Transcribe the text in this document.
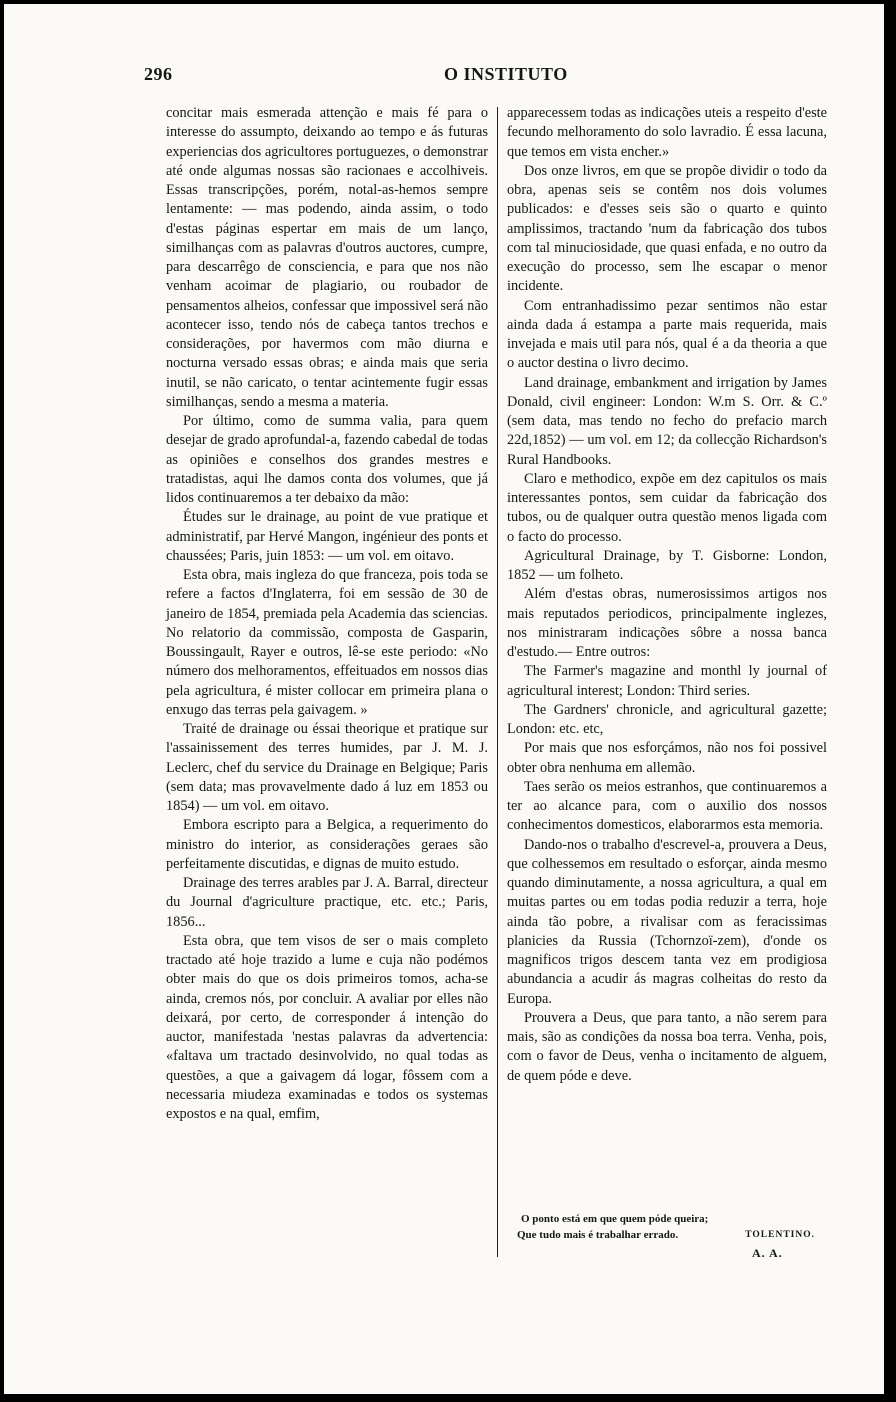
296	O INSTITUTO

concitar mais esmerada attenção e mais fé para o interesse do assumpto, deixando ao tempo e ás futuras experiencias dos agricultores portuguezes, o demonstrar até onde algumas nossas são racionaes e accolhiveis. Essas transcripções, porém, notal-as-hemos sempre lentamente: — mas podendo, ainda assim, o todo d'estas páginas espertar em mais de um lanço, similhanças com as palavras d'outros auctores, cumpre, para descarrêgo de consciencia, e para que nos não venham acoimar de plagiario, ou roubador de pensamentos alheios, confessar que impossivel será não acontecer isso, tendo nós de cabeça tantos trechos e considerações, por havermos com mão diurna e nocturna versado essas obras; e ainda mais que seria inutil, se não caricato, o tentar acintemente fugir essas similhanças, sendo a mesma a materia.

Por último, como de summa valia, para quem desejar de grado aprofundal-a, fazendo cabedal de todas as opiniões e conselhos dos grandes mestres e tratadistas, aqui lhe damos conta dos volumes, que já lidos continuaremos a ter debaixo da mão:

Études sur le drainage, au point de vue pratique et administratif, par Hervé Mangon, ingénieur des ponts et chaussées; Paris, juin 1853: — um vol. em oitavo.

Esta obra, mais ingleza do que franceza, pois toda se refere a factos d'Inglaterra, foi em sessão de 30 de janeiro de 1854, premiada pela Academia das sciencias. No relatorio da commissão, composta de Gasparin, Boussingault, Rayer e outros, lê-se este periodo: «No número dos melhoramentos, effeituados em nossos dias pela agricultura, é mister collocar em primeira plana o enxugo das terras pela gaivagem. »

Traité de drainage ou éssai theorique et pratique sur l'assainissement des terres humides, par J. M. J. Leclerc, chef du service du Drainage en Belgique; Paris (sem data; mas provavelmente dado á luz em 1853 ou 1854) — um vol. em oitavo.

Embora escripto para a Belgica, a requerimento do ministro do interior, as considerações geraes são perfeitamente discutidas, e dignas de muito estudo.

Drainage des terres arables par J. A. Barral, directeur du Journal d'agriculture practique, etc. etc.; Paris, 1856...

Esta obra, que tem visos de ser o mais completo tractado até hoje trazido a lume e cuja não podémos obter mais do que os dois primeiros tomos, acha-se ainda, cremos nós, por concluir. A avaliar por elles não deixará, por certo, de corresponder á intenção do auctor, manifestada 'nestas palavras da advertencia: «faltava um tractado desinvolvido, no qual todas as questões, a que a gaivagem dá logar, fôssem com a necessaria miudeza examinadas e todos os systemas expostos e na qual, emfim,

apparecessem todas as indicações uteis a respeito d'este fecundo melhoramento do solo lavradio. É essa lacuna, que temos em vista encher.»

Dos onze livros, em que se propõe dividir o todo da obra, apenas seis se contêm nos dois volumes publicados: e d'esses seis são o quarto e quinto amplissimos, tractando 'num da fabricação dos tubos com tal minuciosidade, que quasi enfada, e no outro da execução do processo, sem lhe escapar o menor incidente.

Com entranhadissimo pezar sentimos não estar ainda dada á estampa a parte mais requerida, mais invejada e mais util para nós, qual é a da theoria a que o auctor destina o livro decimo.

Land drainage, embankment and irrigation by James Donald, civil engineer: London: W.m S. Orr. & C.º (sem data, mas tendo no fecho do prefacio march 22d,1852) — um vol. em 12; da collecção Richardson's Rural Handbooks.

Claro e methodico, expõe em dez capitulos os mais interessantes pontos, sem cuidar da fabricação dos tubos, ou de qualquer outra questão menos ligada com o facto do processo.

Agricultural Drainage, by T. Gisborne: London, 1852 — um folheto.

Além d'estas obras, numerosissimos artigos nos mais reputados periodicos, principalmente inglezes, nos ministraram indicações sôbre a nossa banca d'estudo.— Entre outros:

The Farmer's magazine and monthl ly journal of agricultural interest; London: Third series.

The Gardners' chronicle, and agricultural gazette; London: etc. etc,

Por mais que nos esforçámos, não nos foi possivel obter obra nenhuma em allemão.

Taes serão os meios estranhos, que continuaremos a ter ao alcance para, com o auxilio dos nossos conhecimentos domesticos, elaborarmos esta memoria.

Dando-nos o trabalho d'escrevel-a, prouvera a Deus, que colhessemos em resultado o esforçar, ainda mesmo quando diminutamente, a nossa agricultura, a qual em muitas partes ou em todas podia reduzir a terra, hoje ainda tão pobre, a rivalisar com as feracissimas planicies da Russia (Tchornzoï-zem), d'onde os magnificos trigos descem tanta vez em prodigiosa abundancia a acudir ás magras colheitas do resto da Europa.

Prouvera a Deus, que para tanto, a não serem para mais, são as condições da nossa boa terra. Venha, pois, com o favor de Deus, venha o incitamento de alguem, de quem póde e deve.

O ponto está em que quem póde queira;
Que tudo mais é trabalhar errado.	TOLENTINO.
A. A.
